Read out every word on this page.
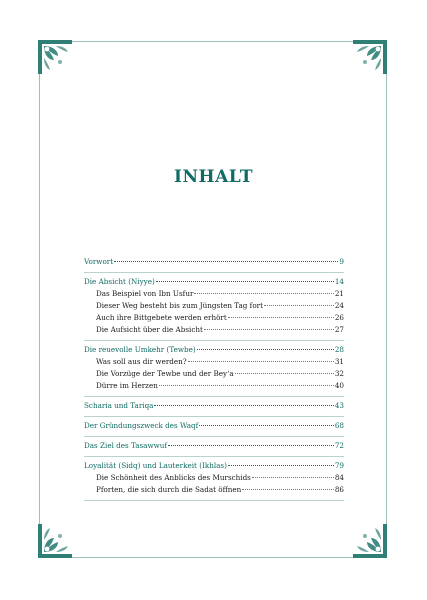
INHALT
Vorwort	9
Die Absicht (Niyye)	14
Das Beispiel von Ibn Usfur	21
Dieser Weg besteht bis zum Jüngsten Tag fort	24
Auch ihre Bittgebete werden erhört	26
Die Aufsicht über die Absicht	27
Die reuevolle Umkehr (Tewbe)	28
Was soll aus dir werden?	31
Die Vorzüge der Tewbe und der Bey‘a	32
Dürre im Herzen	40
Scharia und Tariqa	43
Der Gründungszweck des Waqf	68
Das Ziel des Tasawwuf	72
Loyalität (Sidq) und Lauterkeit (Ikhlas)	79
Die Schönheit des Anblicks des Murschids	84
Pforten, die sich durch die Sadat öffnen	86
